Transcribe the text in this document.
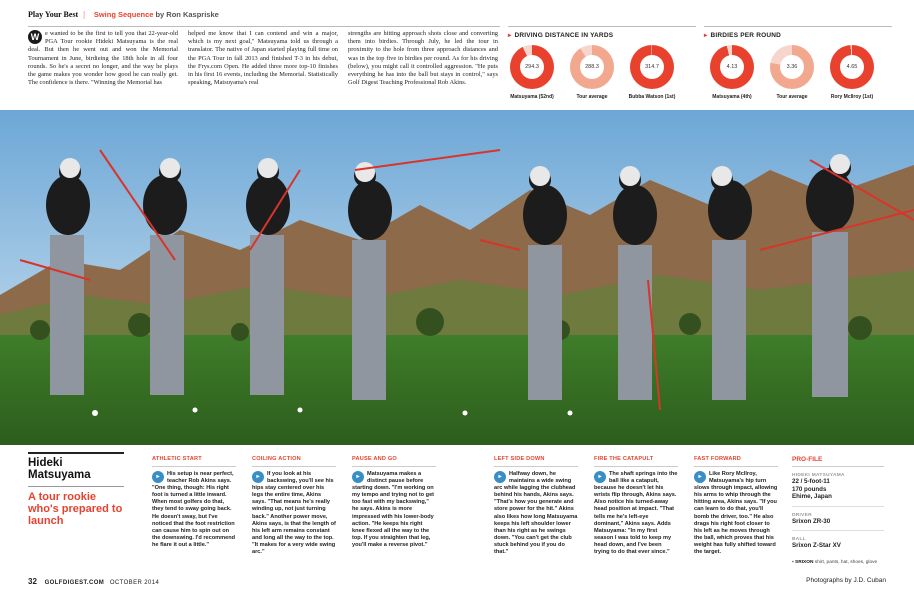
Play Your Best | Swing Sequence by Ron Kaspriske
W e wanted to be the first to tell you that 22-year-old PGA Tour rookie Hideki Matsuyama is the real deal. But then he went out and won the Memorial Tournament in June, birdieing the 18th hole in all four rounds. So he's a secret no longer, and the way he plays the game makes you wonder how good he can really get. The confidence is there. "Winning the Memorial has
helped me know that I can contend and win a major, which is my next goal," Matsuyama told us through a translator. The native of Japan started playing full time on the PGA Tour in fall 2013 and finished T-3 in his debut, the Frys.com Open. He added three more top-10 finishes in his first 16 events, including the Memorial. Statistically speaking, Matsuyama's real
strengths are hitting approach shots close and converting them into birdies. Through July, he led the tour in proximity to the hole from three approach distances and was in the top five in birdies per round. As for his driving (below), you might call it controlled aggression. "He puts everything he has into the ball but stays in control," says Golf Digest Teaching Professional Rob Akins.
▸ DRIVING DISTANCE IN YARDS
294.3	288.3	314.7
Matsuyama (52nd)	Tour average	Bubba Watson (1st)
▸ BIRDIES PER ROUND
4.13	3.36	4.65
Matsuyama (4th)	Tour average	Rory McIlroy (1st)
Hideki
Matsuyama
A tour rookie who's prepared to launch
ATHLETIC START
▸	His setup is near perfect, teacher Rob Akins says. "One thing, though: His right foot is turned a little inward. When most golfers do that, they tend to sway going back. He doesn't sway, but I've noticed that the foot restriction can cause him to spin out on the downswing. I'd recommend he flare it out a little."
COILING ACTION
▸	If you look at his backswing, you'll see his hips stay centered over his legs the entire time, Akins says. "That means he's really winding up, not just turning back." Another power move, Akins says, is that the length of his left arm remains constant and long all the way to the top. "It makes for a very wide swing arc."
PAUSE AND GO
▸	Matsuyama makes a distinct pause before starting down. "I'm working on my tempo and trying not to get too fast with my backswing," he says. Akins is more impressed with his lower-body action. "He keeps his right knee flexed all the way to the top. If you straighten that leg, you'll make a reverse pivot."
LEFT SIDE DOWN
▸	Halfway down, he maintains a wide swing arc while lagging the clubhead behind his hands, Akins says. "That's how you generate and store power for the hit." Akins also likes how long Matsuyama keeps his left shoulder lower than his right as he swings down. "You can't get the club stuck behind you if you do that."
FIRE THE CATAPULT
▸	The shaft springs into the ball like a catapult, because he doesn't let his wrists flip through, Akins says. Also notice his turned-away head position at impact. "That tells me he's left-eye dominant," Akins says. Adds Matsuyama: "In my first season I was told to keep my head down, and I've been trying to do that ever since."
FAST FORWARD
▸	Like Rory McIlroy, Matsuyama's hip turn slows through impact, allowing his arms to whip through the hitting area, Akins says. "If you can learn to do that, you'll bomb the driver, too." He also drags his right foot closer to his left as he moves through the ball, which proves that his weight has fully shifted toward the target.
PRO-FILE
HIDEKI MATSUYAMA
22 / 5-foot-11
170 pounds
Ehime, Japan
DRIVER
Srixon ZR-30
BALL
Srixon Z-Star XV
▪ SRIXON shirt, pants, hat, shoes, glove
32 GOLFDIGEST.COM OCTOBER 2014	Photographs by J.D. Cuban
